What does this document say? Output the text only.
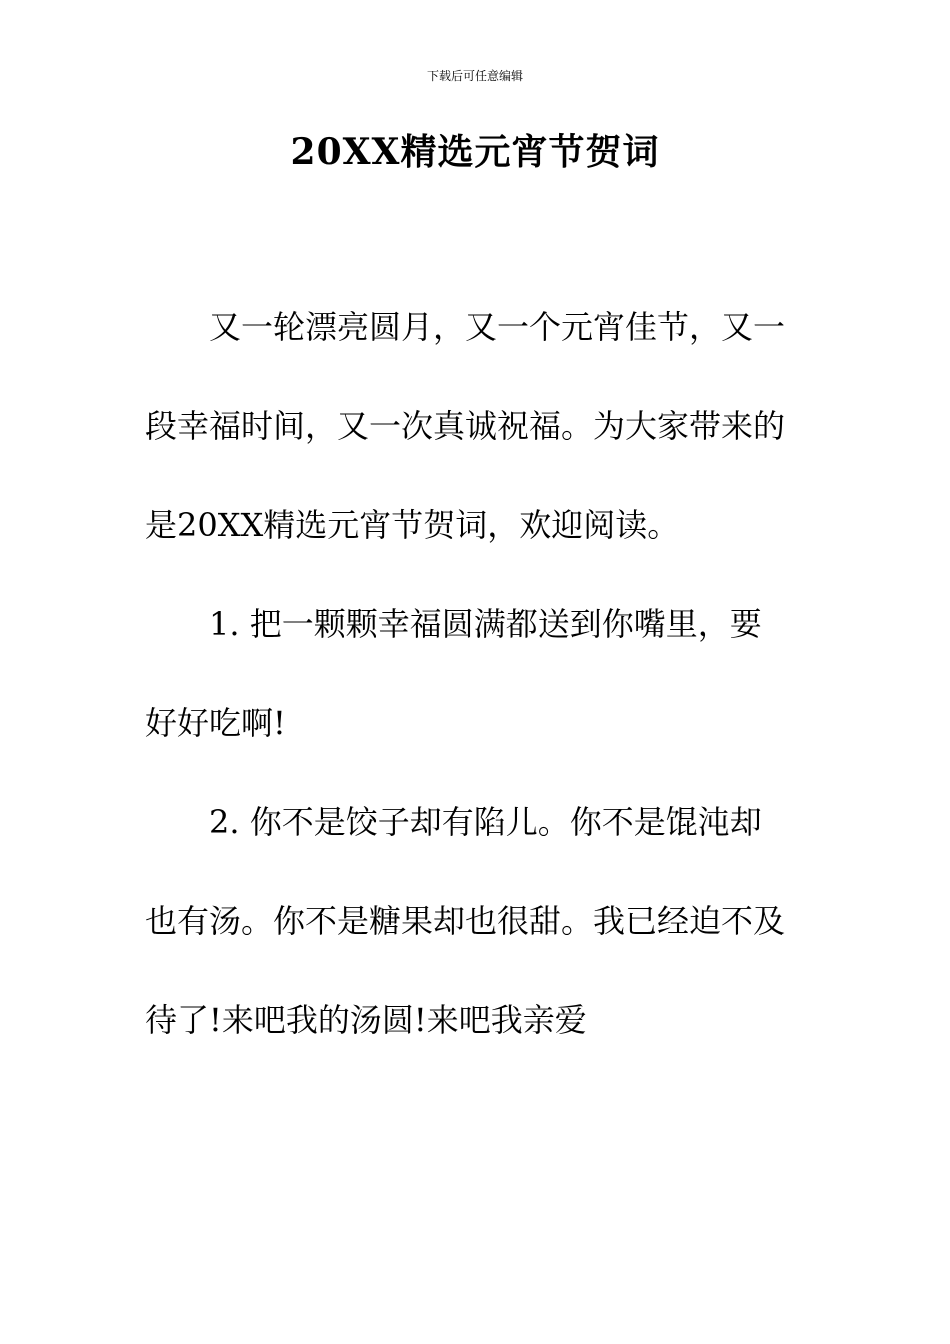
下载后可任意编辑
20XX精选元宵节贺词

又一轮漂亮圆月，又一个元宵佳节，又一段幸福时间，又一次真诚祝福。为大家带来的是20XX精选元宵节贺词，欢迎阅读。

1. 把一颗颗幸福圆满都送到你嘴里，要好好吃啊!

2. 你不是饺子却有陷儿。你不是馄沌却也有汤。你不是糖果却也很甜。我已经迫不及待了!来吧我的汤圆!来吧我亲爱
